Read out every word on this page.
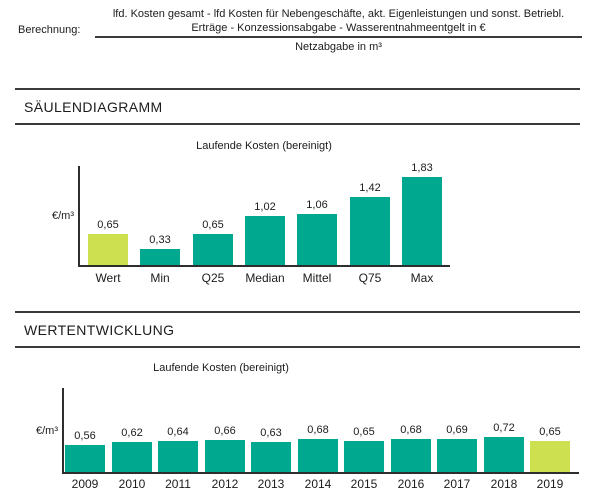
Berechnung:
lfd. Kosten gesamt - lfd Kosten für Nebengeschäfte, akt. Eigenleistungen und sonst. Betriebl.
Erträge - Konzessionsabgabe - Wasserentnahmeentgelt in €
Netzabgabe in m³
SÄULENDIAGRAMM
Laufende Kosten (bereinigt)
€/m³
0,65
Wert
0,33
Min
0,65
Q25
1,02
Median
1,06
Mittel
1,42
Q75
1,83
Max
WERTENTWICKLUNG
Laufende Kosten (bereinigt)
€/m³	0,56
2009
0,62
2010
0,64
2011
0,66
2012
0,63
2013
0,68
2014
0,65
2015
0,68
2016
0,69
2017
0,72
2018
0,65
2019
